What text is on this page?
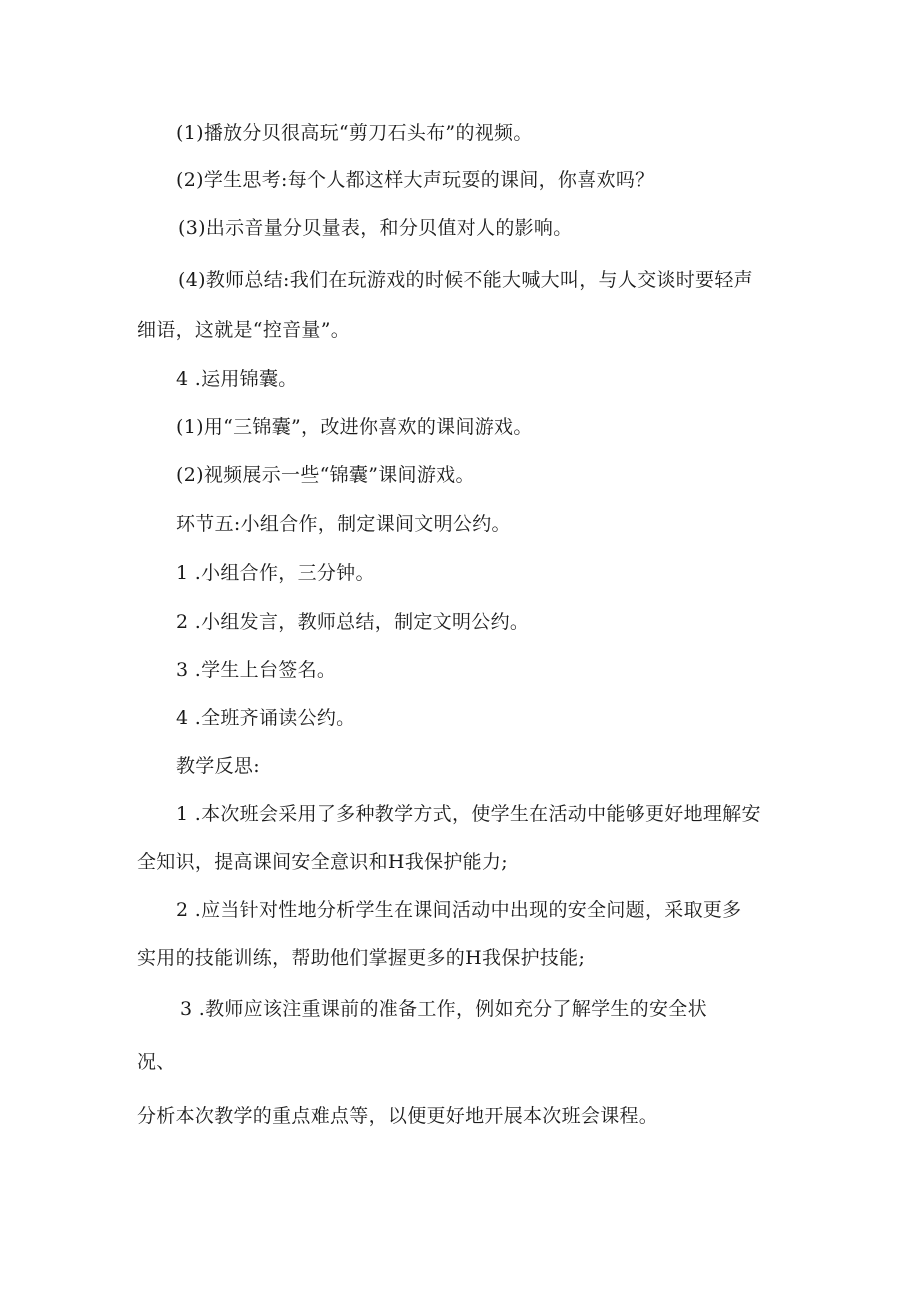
(1)播放分贝很高玩“剪刀石头布”的视频。
(2)学生思考:每个人都这样大声玩耍的课间，你喜欢吗？
(3)出示音量分贝量表，和分贝值对人的影响。
(4)教师总结:我们在玩游戏的时候不能大喊大叫，与人交谈时要轻声
细语，这就是“控音量”。
4 .运用锦囊。
(1)用“三锦囊”，改进你喜欢的课间游戏。
(2)视频展示一些“锦囊”课间游戏。
环节五:小组合作，制定课间文明公约。
1 .小组合作，三分钟。
2 .小组发言，教师总结，制定文明公约。
3 .学生上台签名。
4 .全班齐诵读公约。
教学反思:
1 .本次班会采用了多种教学方式，使学生在活动中能够更好地理解安
全知识，提高课间安全意识和H我保护能力;
2 .应当针对性地分析学生在课间活动中出现的安全问题，采取更多
实用的技能训练，帮助他们掌握更多的H我保护技能;
3 .教师应该注重课前的准备工作，例如充分了解学生的安全状
况、
分析本次教学的重点难点等，以便更好地开展本次班会课程。
